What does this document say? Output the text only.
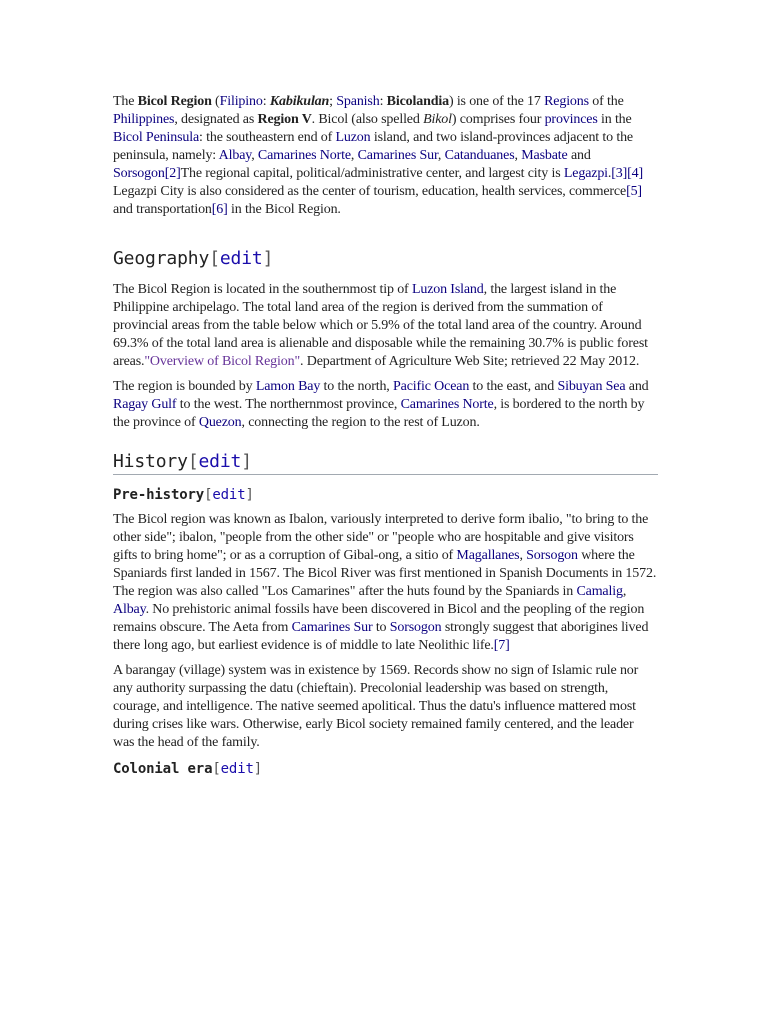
The Bicol Region (Filipino: Kabikulan; Spanish: Bicolandia) is one of the 17 Regions of the Philippines, designated as Region V. Bicol (also spelled Bikol) comprises four provinces in the Bicol Peninsula: the southeastern end of Luzon island, and two island-provinces adjacent to the peninsula, namely: Albay, Camarines Norte, Camarines Sur, Catanduanes, Masbate and Sorsogon[2]The regional capital, political/administrative center, and largest city is Legazpi.[3][4] Legazpi City is also considered as the center of tourism, education, health services, commerce[5] and transportation[6] in the Bicol Region.

Geography[edit]

The Bicol Region is located in the southernmost tip of Luzon Island, the largest island in the Philippine archipelago. The total land area of the region is derived from the summation of provincial areas from the table below which or 5.9% of the total land area of the country. Around 69.3% of the total land area is alienable and disposable while the remaining 30.7% is public forest areas."Overview of Bicol Region". Department of Agriculture Web Site; retrieved 22 May 2012.

The region is bounded by Lamon Bay to the north, Pacific Ocean to the east, and Sibuyan Sea and Ragay Gulf to the west. The northernmost province, Camarines Norte, is bordered to the north by the province of Quezon, connecting the region to the rest of Luzon.

History[edit]
Pre-history[edit]

The Bicol region was known as Ibalon, variously interpreted to derive form ibalio, "to bring to the other side"; ibalon, "people from the other side" or "people who are hospitable and give visitors gifts to bring home"; or as a corruption of Gibal-ong, a sitio of Magallanes, Sorsogon where the Spaniards first landed in 1567. The Bicol River was first mentioned in Spanish Documents in 1572. The region was also called "Los Camarines" after the huts found by the Spaniards in Camalig, Albay. No prehistoric animal fossils have been discovered in Bicol and the peopling of the region remains obscure. The Aeta from Camarines Sur to Sorsogon strongly suggest that aborigines lived there long ago, but earliest evidence is of middle to late Neolithic life.[7]

A barangay (village) system was in existence by 1569. Records show no sign of Islamic rule nor any authority surpassing the datu (chieftain). Precolonial leadership was based on strength, courage, and intelligence. The native seemed apolitical. Thus the datu's influence mattered most during crises like wars. Otherwise, early Bicol society remained family centered, and the leader was the head of the family.

Colonial era[edit]
